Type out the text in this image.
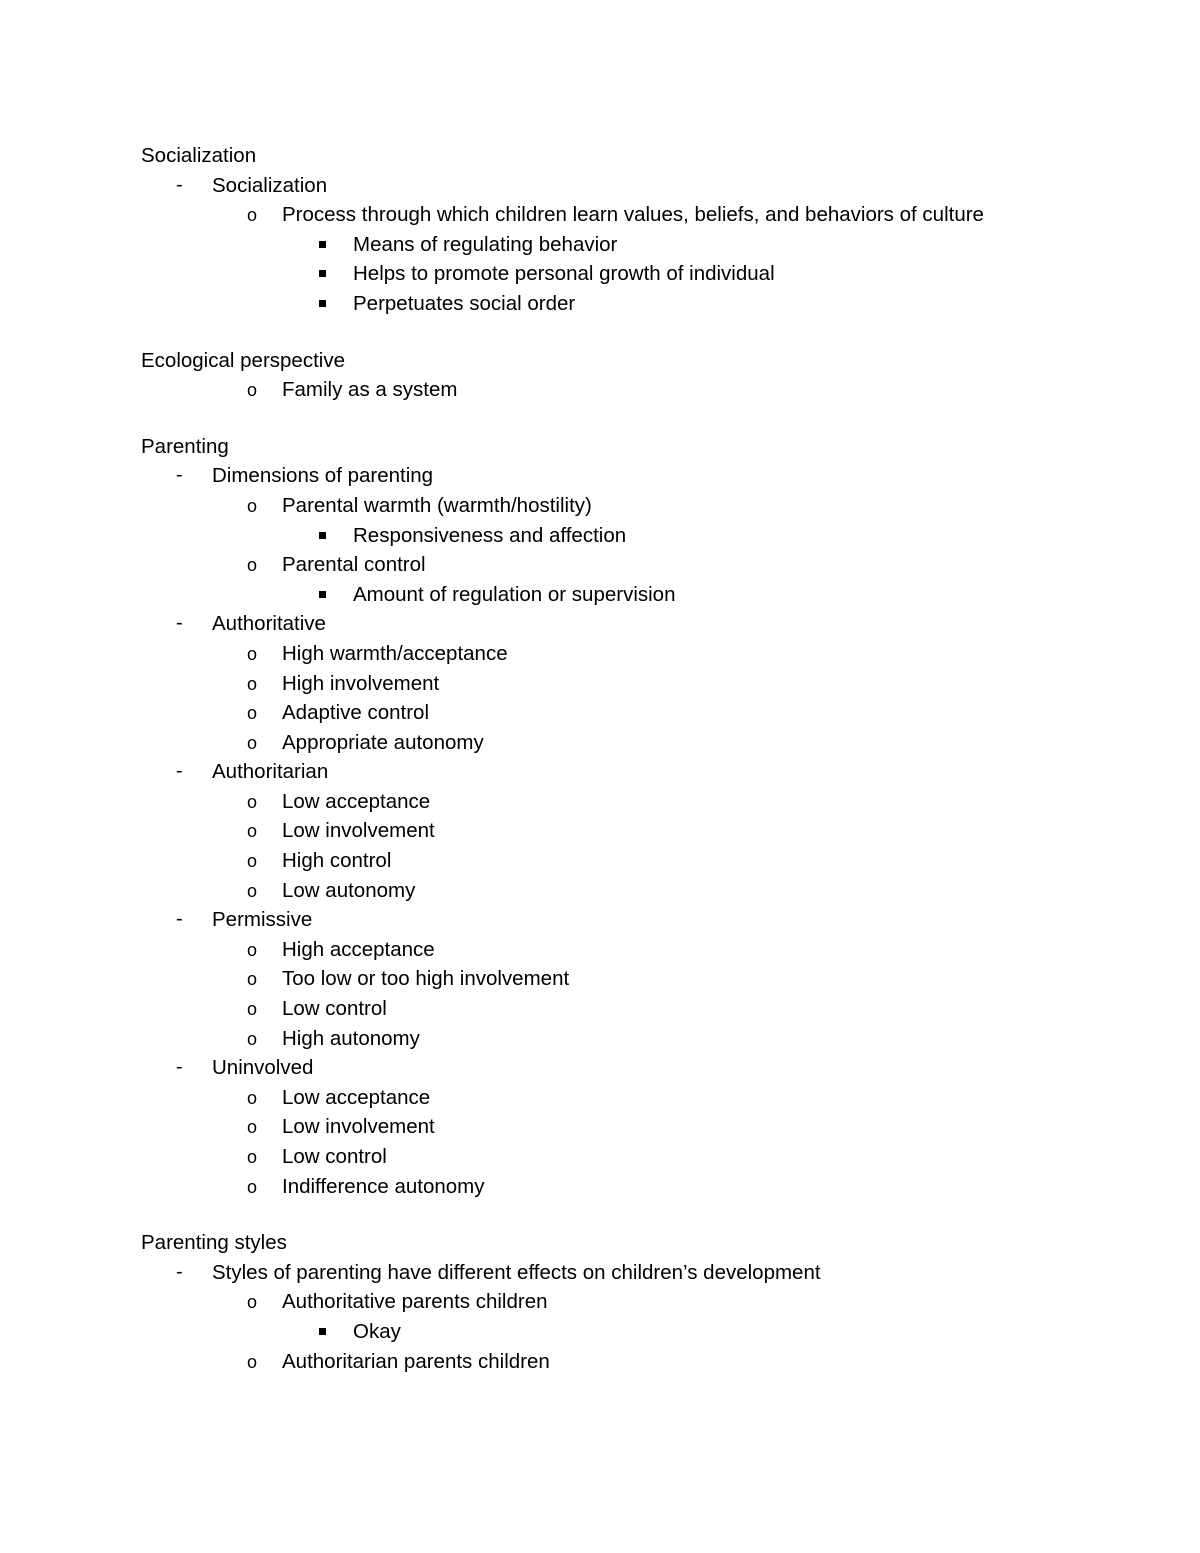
Socialization
- Socialization
o Process through which children learn values, beliefs, and behaviors of culture
Means of regulating behavior
Helps to promote personal growth of individual
Perpetuates social order
Ecological perspective
o Family as a system
Parenting
- Dimensions of parenting
o Parental warmth (warmth/hostility)
Responsiveness and affection
o Parental control
Amount of regulation or supervision
- Authoritative
o High warmth/acceptance
o High involvement
o Adaptive control
o Appropriate autonomy
- Authoritarian
o Low acceptance
o Low involvement
o High control
o Low autonomy
- Permissive
o High acceptance
o Too low or too high involvement
o Low control
o High autonomy
- Uninvolved
o Low acceptance
o Low involvement
o Low control
o Indifference autonomy
Parenting styles
- Styles of parenting have different effects on children’s development
o Authoritative parents children
Okay
o Authoritarian parents children
